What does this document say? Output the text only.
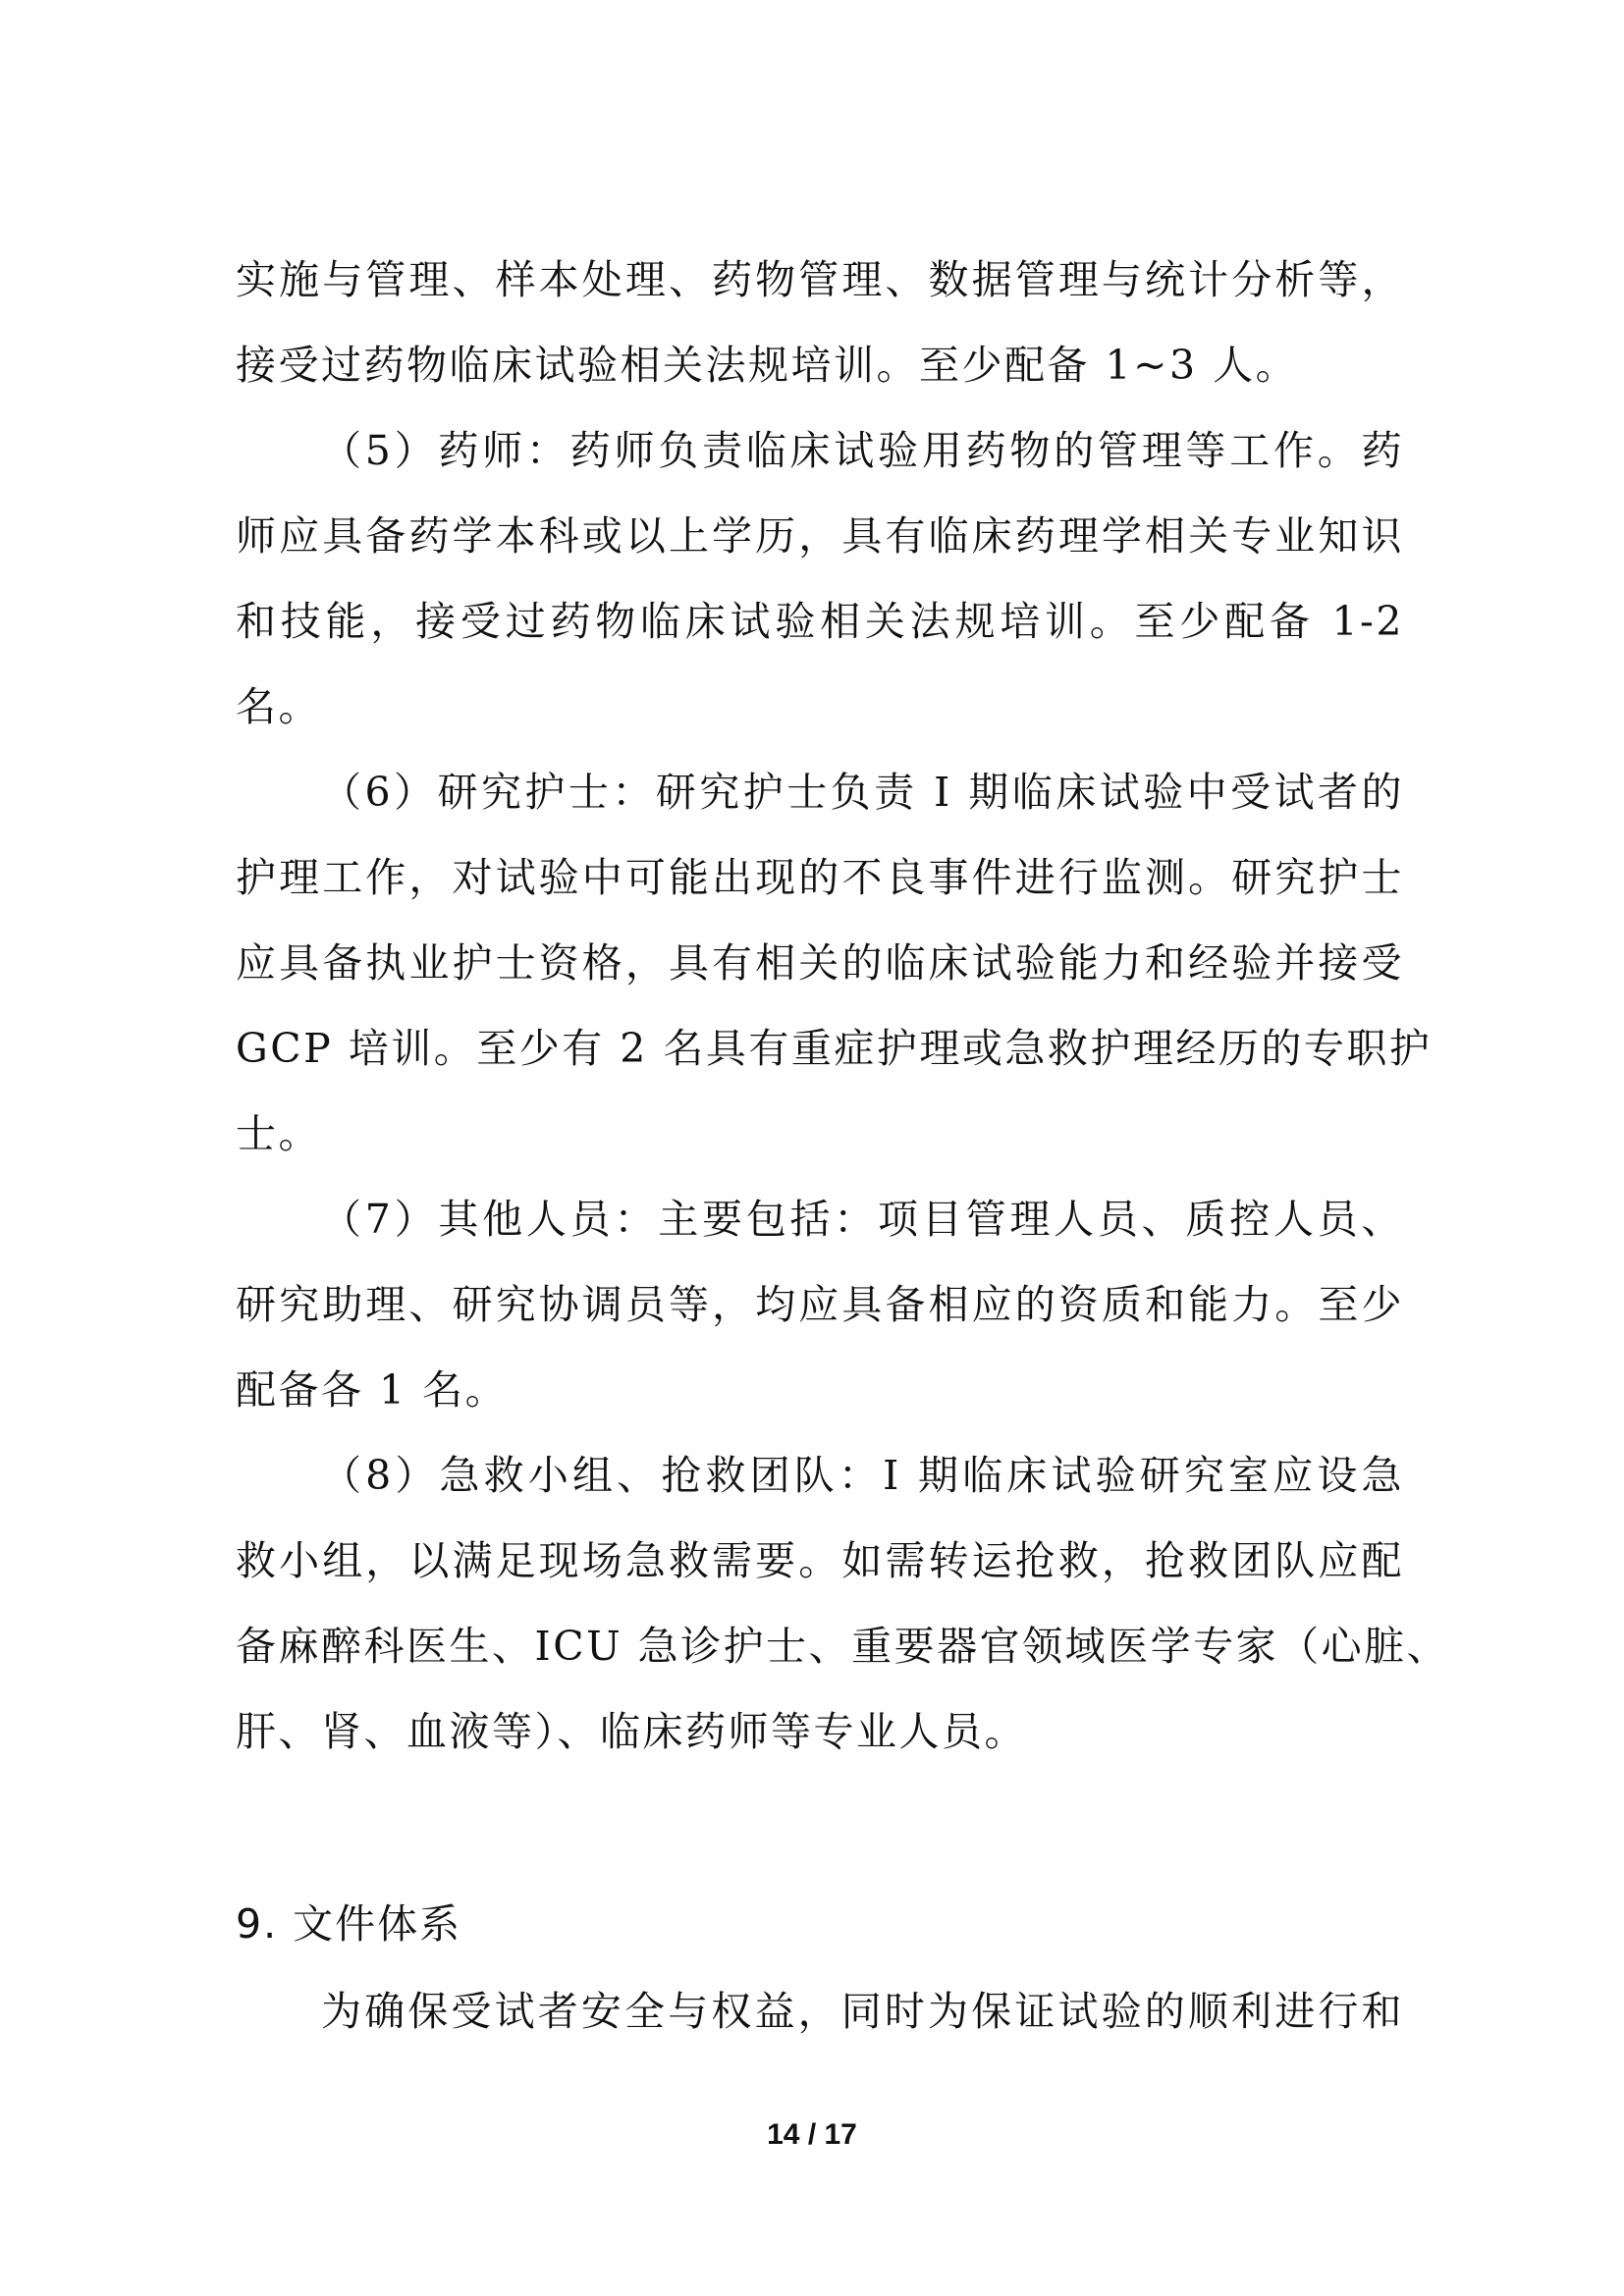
实施与管理、样本处理、药物管理、数据管理与统计分析等，
接受过药物临床试验相关法规培训。至少配备 1~3 人。
（5）药师：药师负责临床试验用药物的管理等工作。药
师应具备药学本科或以上学历，具有临床药理学相关专业知识
和技能，接受过药物临床试验相关法规培训。至少配备 1-2
名。
（6）研究护士：研究护士负责 I 期临床试验中受试者的
护理工作，对试验中可能出现的不良事件进行监测。研究护士
应具备执业护士资格，具有相关的临床试验能力和经验并接受
GCP 培训。至少有 2 名具有重症护理或急救护理经历的专职护
士。
（7）其他人员：主要包括：项目管理人员、质控人员、
研究助理、研究协调员等，均应具备相应的资质和能力。至少
配备各 1 名。
（8）急救小组、抢救团队：I 期临床试验研究室应设急
救小组，以满足现场急救需要。如需转运抢救，抢救团队应配
备麻醉科医生、ICU 急诊护士、重要器官领域医学专家（心脏、
肝、肾、血液等）、临床药师等专业人员。
9. 文件体系
为确保受试者安全与权益，同时为保证试验的顺利进行和
14 / 17
